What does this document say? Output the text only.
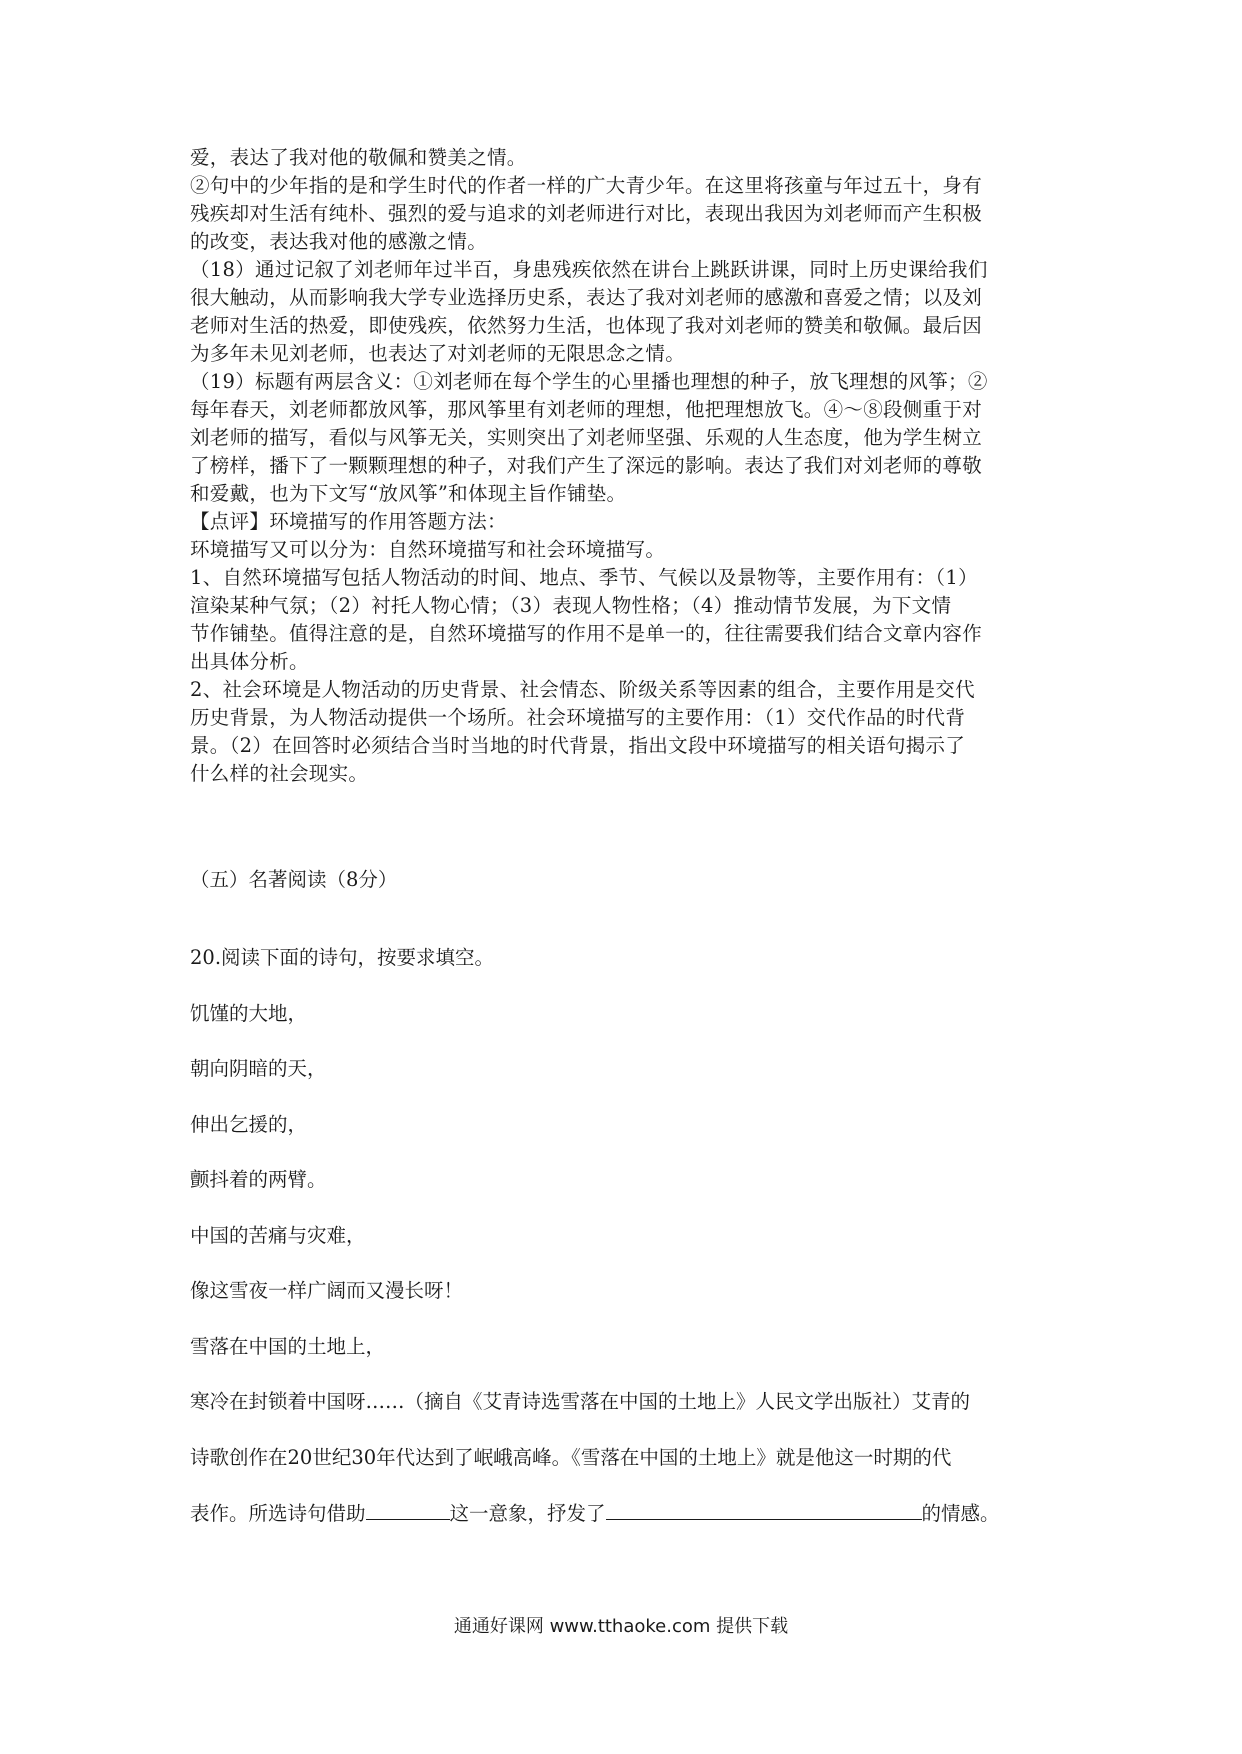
爱，表达了我对他的敬佩和赞美之情。
②句中的少年指的是和学生时代的作者一样的广大青少年。在这里将孩童与年过五十，身有
残疾却对生活有纯朴、强烈的爱与追求的刘老师进行对比，表现出我因为刘老师而产生积极
的改变，表达我对他的感激之情。
（18）通过记叙了刘老师年过半百，身患残疾依然在讲台上跳跃讲课，同时上历史课给我们
很大触动，从而影响我大学专业选择历史系，表达了我对刘老师的感激和喜爱之情；以及刘
老师对生活的热爱，即使残疾，依然努力生活，也体现了我对刘老师的赞美和敬佩。最后因
为多年未见刘老师，也表达了对刘老师的无限思念之情。
（19）标题有两层含义：①刘老师在每个学生的心里播也理想的种子，放飞理想的风筝；②
每年春天，刘老师都放风筝，那风筝里有刘老师的理想，他把理想放飞。④～⑧段侧重于对
刘老师的描写，看似与风筝无关，实则突出了刘老师坚强、乐观的人生态度，他为学生树立
了榜样，播下了一颗颗理想的种子，对我们产生了深远的影响。表达了我们对刘老师的尊敬
和爱戴，也为下文写“放风筝”和体现主旨作铺垫。
【点评】环境描写的作用答题方法：
环境描写又可以分为：自然环境描写和社会环境描写。
1、自然环境描写包括人物活动的时间、地点、季节、气候以及景物等，主要作用有：（1）
渲染某种气氛；（2）衬托人物心情；（3）表现人物性格；（4）推动情节发展，为下文情
节作铺垫。值得注意的是，自然环境描写的作用不是单一的，往往需要我们结合文章内容作
出具体分析。
2、社会环境是人物活动的历史背景、社会情态、阶级关系等因素的组合，主要作用是交代
历史背景，为人物活动提供一个场所。社会环境描写的主要作用：（1）交代作品的时代背
景。（2）在回答时必须结合当时当地的时代背景，指出文段中环境描写的相关语句揭示了
什么样的社会现实。
（五）名著阅读（8分）
20.阅读下面的诗句，按要求填空。
饥馑的大地，
朝向阴暗的天，
伸出乞援的，
颤抖着的两臂。
中国的苦痛与灾难，
像这雪夜一样广阔而又漫长呀！
雪落在中国的土地上，
寒冷在封锁着中国呀……（摘自《艾青诗选雪落在中国的土地上》人民文学出版社）艾青的
诗歌创作在20世纪30年代达到了岷峨高峰。《雪落在中国的土地上》就是他这一时期的代
表作。所选诗句借助	这一意象，抒发了	的情感。
通通好课网 www.tthaoke.com 提供下载
